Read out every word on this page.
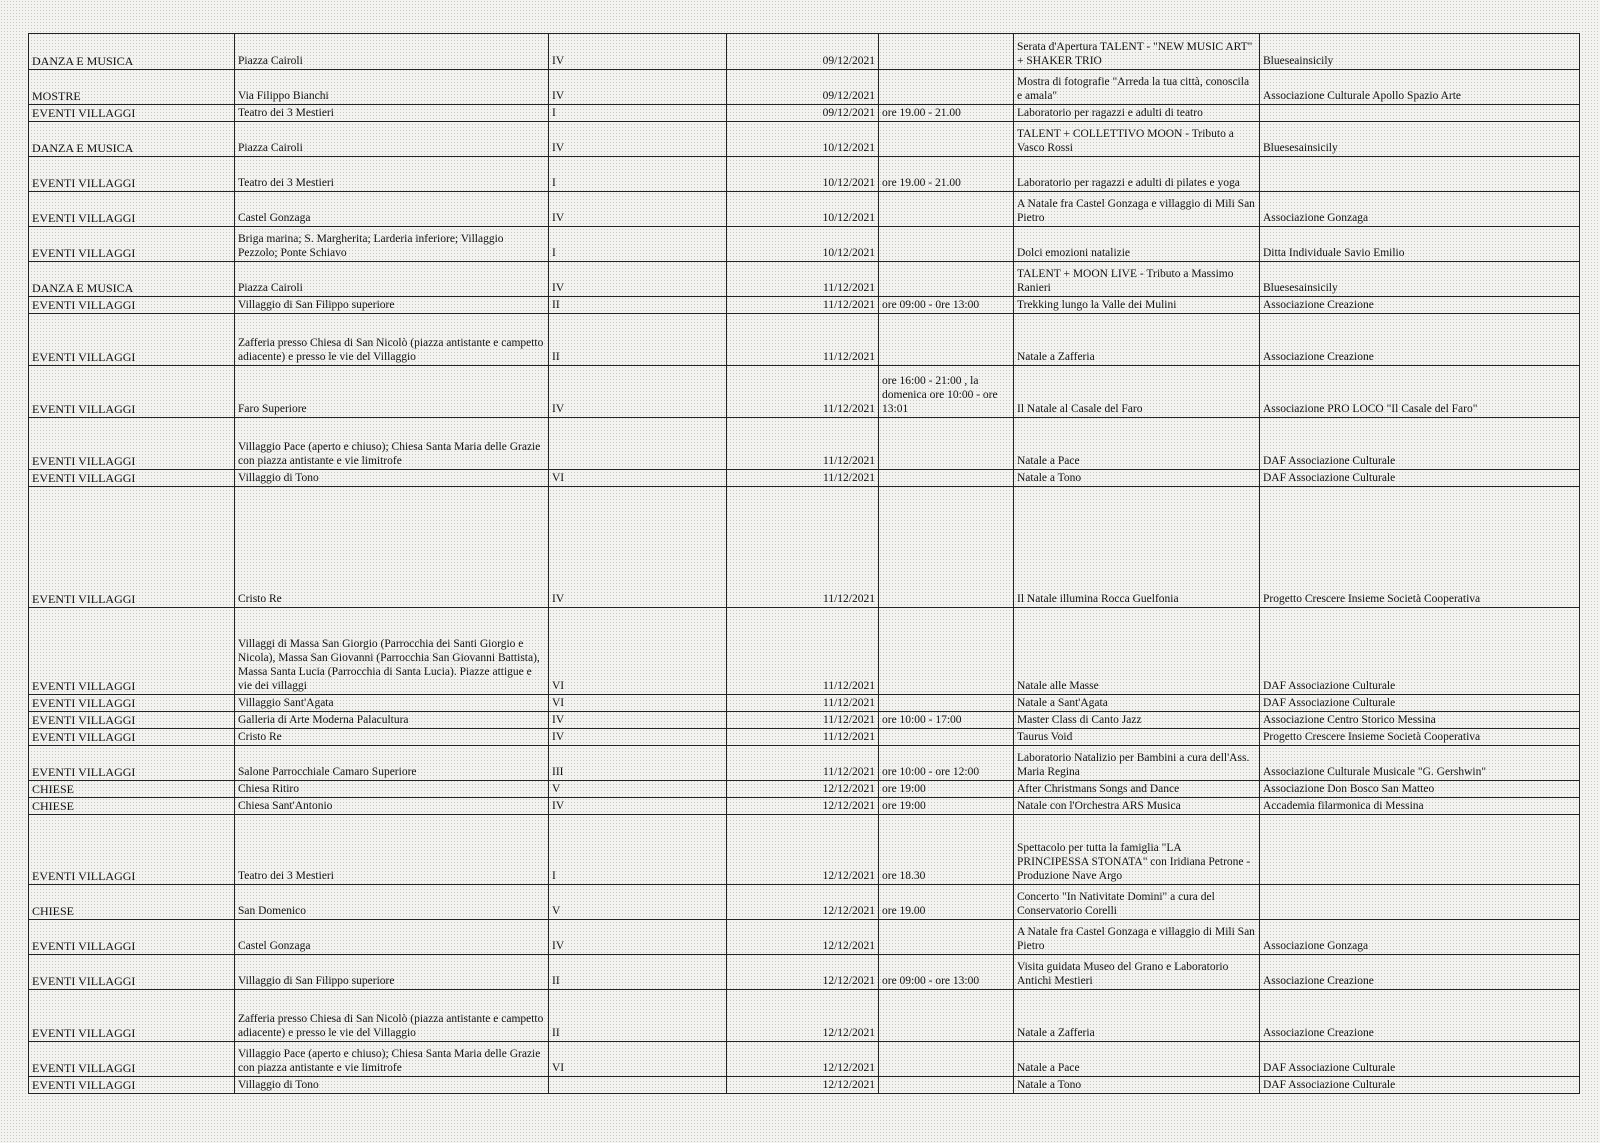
DANZA E MUSICA	Piazza Cairoli	IV	09/12/2021		Serata d'Apertura TALENT - "NEW MUSIC ART" + SHAKER TRIO	Blueseainsicily
MOSTRE	Via Filippo Bianchi	IV	09/12/2021		Mostra di fotografie "Arreda la tua città, conoscila e amala"	Associazione Culturale Apollo Spazio Arte
EVENTI VILLAGGI	Teatro dei 3 Mestieri	I	09/12/2021	ore 19.00 - 21.00	Laboratorio per ragazzi e adulti di teatro	
DANZA E MUSICA	Piazza Cairoli	IV	10/12/2021		TALENT + COLLETTIVO MOON - Tributo a Vasco Rossi	Bluesesainsicily
EVENTI VILLAGGI	Teatro dei 3 Mestieri	I	10/12/2021	ore 19.00 - 21.00	Laboratorio per ragazzi e adulti di pilates e yoga	
EVENTI VILLAGGI	Castel Gonzaga	IV	10/12/2021		A Natale fra Castel Gonzaga e villaggio di Mili San Pietro	Associazione Gonzaga
EVENTI VILLAGGI	Briga marina; S. Margherita; Larderia inferiore; Villaggio Pezzolo; Ponte Schiavo	I	10/12/2021		Dolci emozioni natalizie	Ditta Individuale Savio Emilio
DANZA E MUSICA	Piazza Cairoli	IV	11/12/2021		TALENT + MOON LIVE - Tributo a Massimo Ranieri	Bluesesainsicily
EVENTI VILLAGGI	Villaggio di San Filippo superiore	II	11/12/2021	ore 09:00 - 0re 13:00	Trekking lungo la Valle dei Mulini	Associazione Creazione
EVENTI VILLAGGI	Zafferia presso Chiesa di San Nicolò (piazza antistante e campetto adiacente) e presso le vie del Villaggio	II	11/12/2021		Natale a Zafferia	Associazione Creazione
EVENTI VILLAGGI	Faro Superiore	IV	11/12/2021	ore 16:00 - 21:00 , la domenica ore 10:00 - ore 13:01	Il Natale al Casale del Faro	Associazione PRO LOCO "Il Casale del Faro"
EVENTI VILLAGGI	Villaggio Pace (aperto e chiuso); Chiesa Santa Maria delle Grazie con piazza antistante e vie limitrofe		11/12/2021		Natale a Pace	DAF Associazione Culturale
EVENTI VILLAGGI	Villaggio di Tono	VI	11/12/2021		Natale a Tono	DAF Associazione Culturale
EVENTI VILLAGGI	Cristo Re	IV	11/12/2021		Il Natale illumina Rocca Guelfonia	Progetto Crescere Insieme Società Cooperativa
EVENTI VILLAGGI	Villaggi di Massa San Giorgio (Parrocchia dei Santi Giorgio e Nicola), Massa San Giovanni (Parrocchia San Giovanni Battista), Massa Santa Lucia (Parrocchia di Santa Lucia). Piazze attigue e vie dei villaggi	VI	11/12/2021		Natale alle Masse	DAF Associazione Culturale
EVENTI VILLAGGI	Villaggio Sant'Agata	VI	11/12/2021		Natale a Sant'Agata	DAF Associazione Culturale
EVENTI VILLAGGI	Galleria di Arte Moderna Palacultura	IV	11/12/2021	ore 10:00 - 17:00	Master Class di Canto Jazz	Associazione Centro Storico Messina
EVENTI VILLAGGI	Cristo Re	IV	11/12/2021		Taurus Void	Progetto Crescere Insieme Società Cooperativa
EVENTI VILLAGGI	Salone Parrocchiale Camaro Superiore	III	11/12/2021	ore 10:00 - ore 12:00	Laboratorio Natalizio per Bambini a cura dell'Ass. Maria Regina	Associazione Culturale Musicale "G. Gershwin"
CHIESE	Chiesa Ritiro	V	12/12/2021	ore 19:00	After Christmans Songs and Dance	Associazione Don Bosco San Matteo
CHIESE	Chiesa Sant'Antonio	IV	12/12/2021	ore 19:00	Natale con l'Orchestra ARS Musica	Accademia filarmonica di Messina
EVENTI VILLAGGI	Teatro dei 3 Mestieri	I	12/12/2021	ore 18.30	Spettacolo per tutta la famiglia "LA PRINCIPESSA STONATA" con Iridiana Petrone - Produzione Nave Argo	
CHIESE	San Domenico	V	12/12/2021	ore 19.00	Concerto "In Nativitate Domini" a cura del Conservatorio Corelli	
EVENTI VILLAGGI	Castel Gonzaga	IV	12/12/2021		A Natale fra Castel Gonzaga e villaggio di Mili San Pietro	Associazione Gonzaga
EVENTI VILLAGGI	Villaggio di San Filippo superiore	II	12/12/2021	ore 09:00 - ore 13:00	Visita guidata Museo del Grano e Laboratorio Antichi Mestieri	Associazione Creazione
EVENTI VILLAGGI	Zafferia presso Chiesa di San Nicolò (piazza antistante e campetto adiacente) e presso le vie del Villaggio	II	12/12/2021		Natale a Zafferia	Associazione Creazione
EVENTI VILLAGGI	Villaggio Pace (aperto e chiuso); Chiesa Santa Maria delle Grazie con piazza antistante e vie limitrofe	VI	12/12/2021		Natale a Pace	DAF Associazione Culturale
EVENTI VILLAGGI	Villaggio di Tono		12/12/2021		Natale a Tono	DAF Associazione Culturale
